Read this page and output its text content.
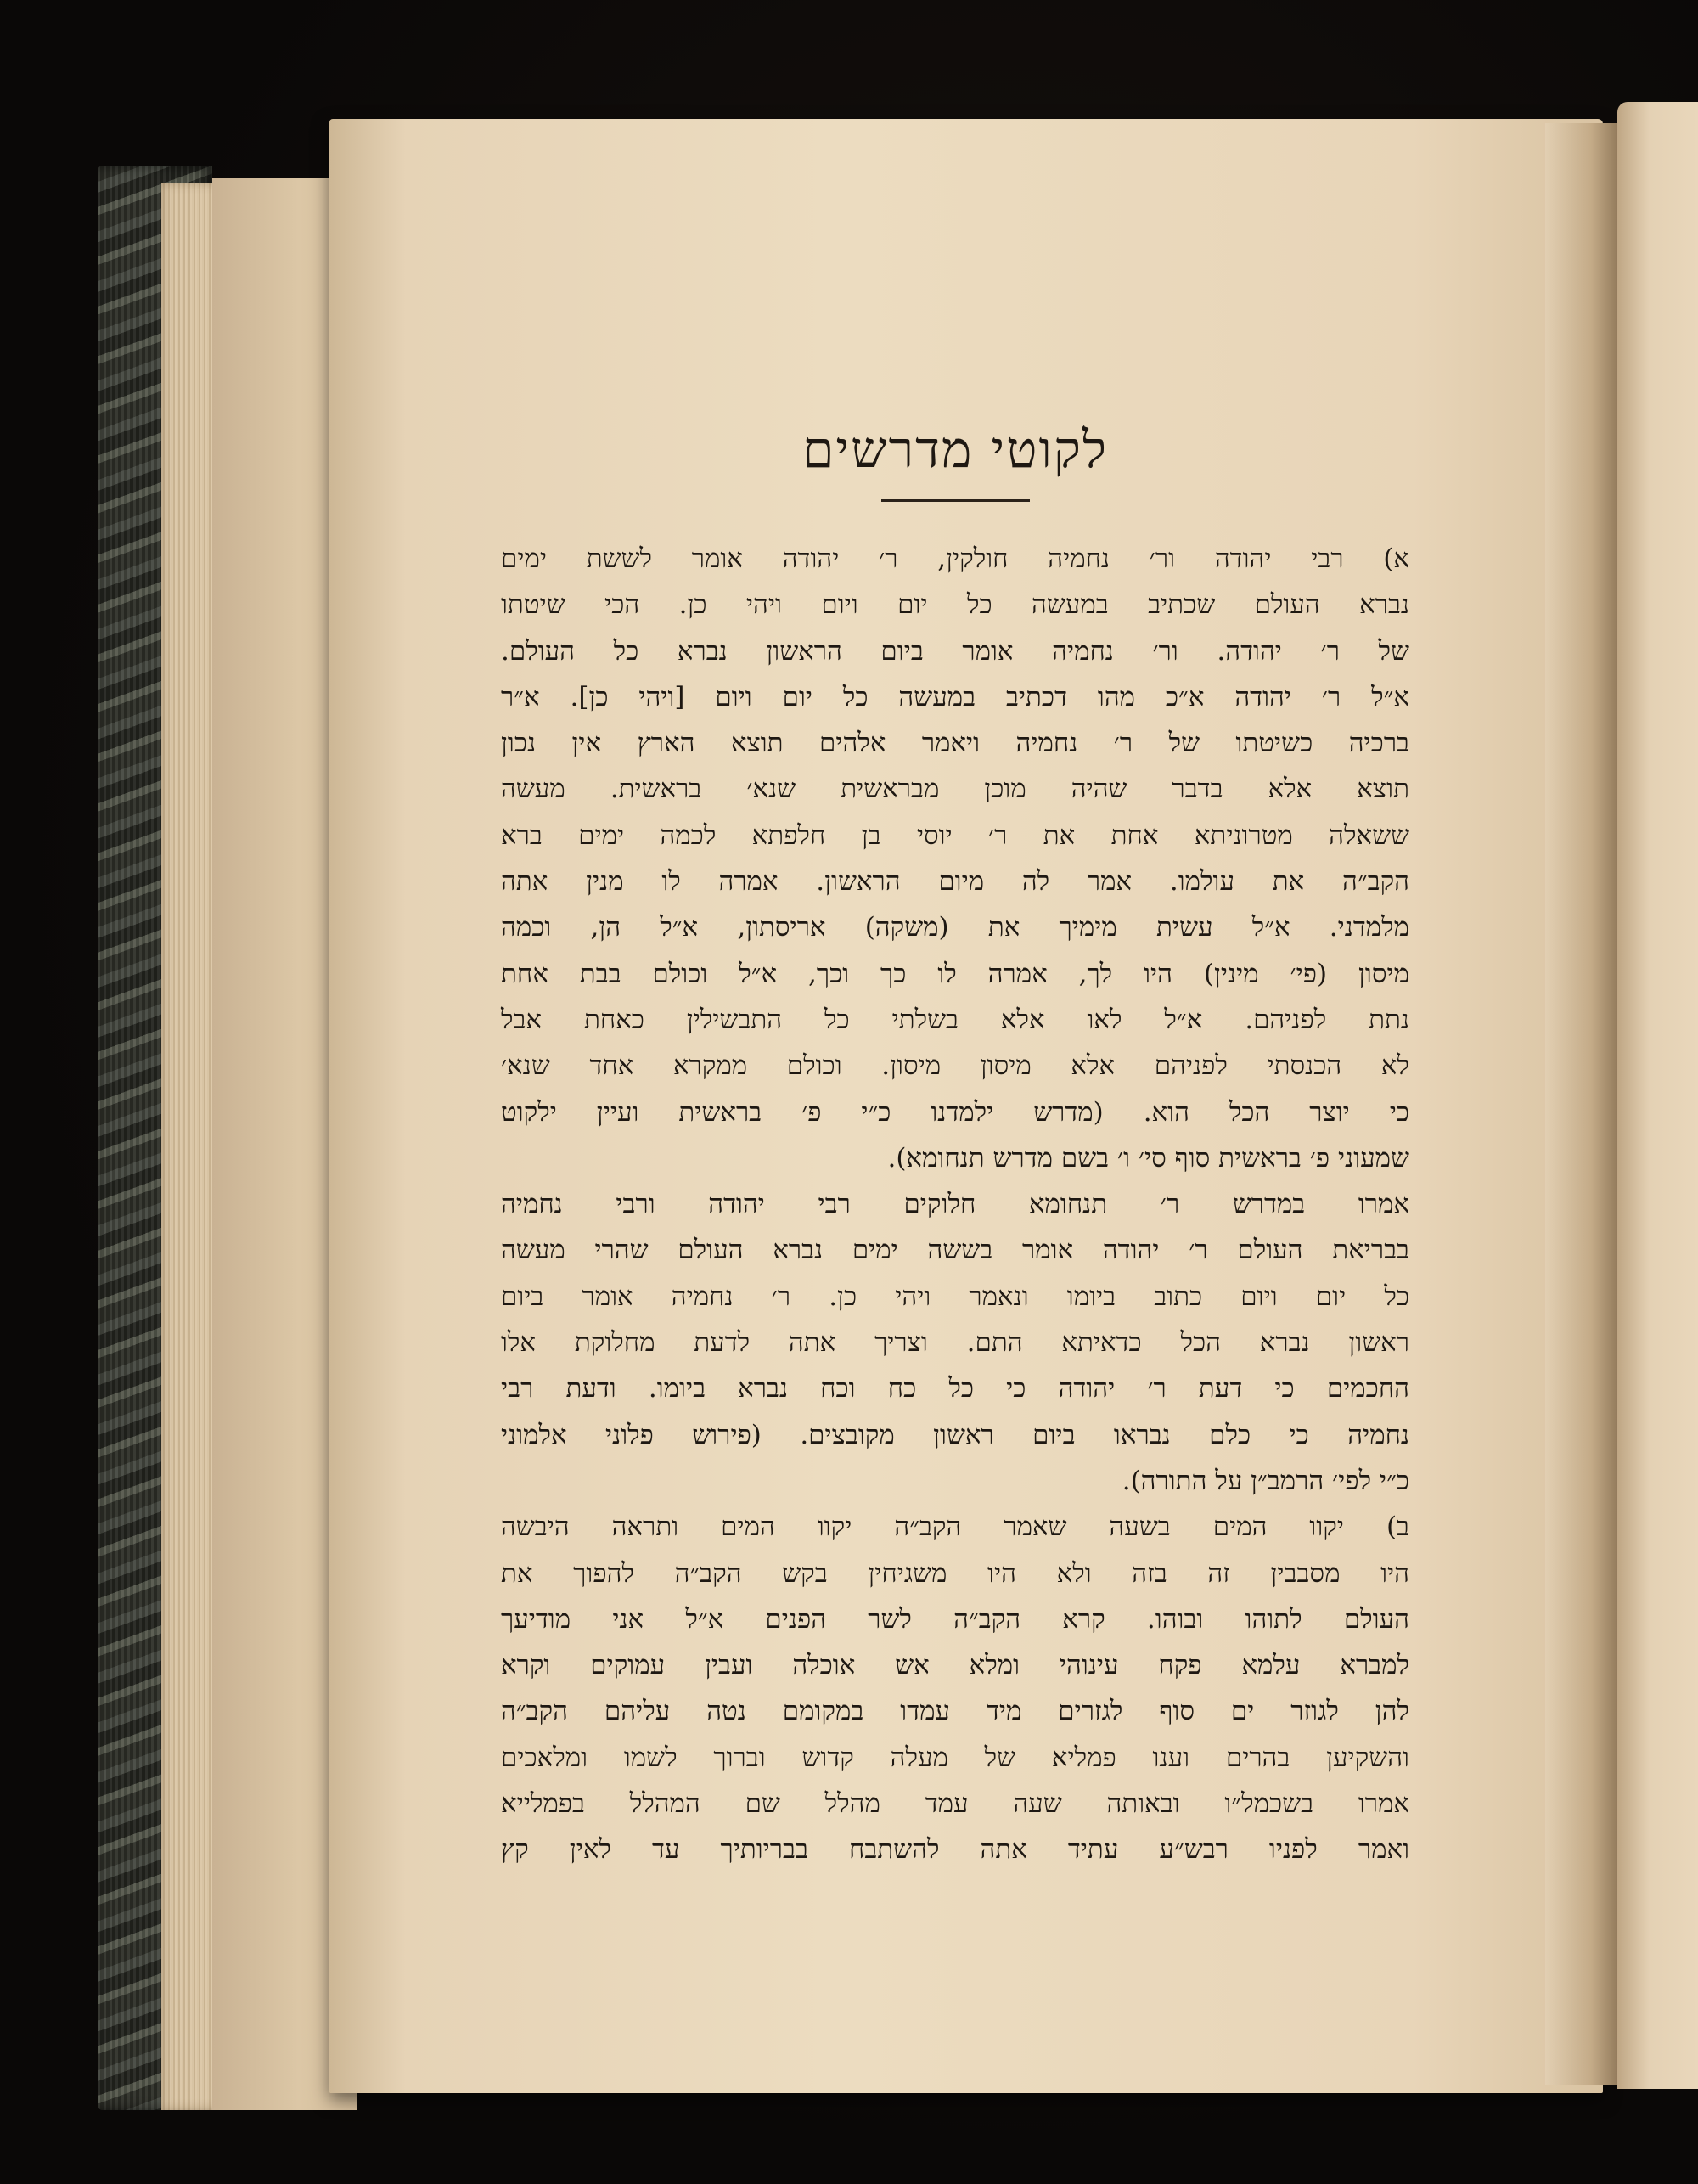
לקוטי מדרשים
א) רבי יהודה ור׳ נחמיה חולקין, ר׳ יהודה אומר לששת ימים
נברא העולם שכתיב במעשה כל יום ויום ויהי כן. הכי שיטתו
של ר׳ יהודה. ור׳ נחמיה אומר ביום הראשון נברא כל העולם.
א״ל ר׳ יהודה א״כ מהו דכתיב במעשה כל יום ויום [ויהי כן]. א״ר
ברכיה כשיטתו של ר׳ נחמיה ויאמר אלהים תוצא הארץ אין נכון
תוצא אלא בדבר שהיה מוכן מבראשית שנא׳ בראשית. מעשה
ששאלה מטרוניתא אחת את ר׳ יוסי בן חלפתא לכמה ימים ברא
הקב״ה את עולמו. אמר לה מיום הראשון. אמרה לו מנין אתה
מלמדני. א״ל עשית מימיך את (משקה) אריסתון, א״ל הן, וכמה
מיסון (פי׳ מינין) היו לך, אמרה לו כך וכך, א״ל וכולם בבת אחת
נתת לפניהם. א״ל לאו אלא בשלתי כל התבשילין כאחת אבל
לא הכנסתי לפניהם אלא מיסון מיסון. וכולם ממקרא אחד שנא׳
כי יוצר הכל הוא. (מדרש ילמדנו כ״י פ׳ בראשית ועיין ילקוט
שמעוני פ׳ בראשית סוף סי׳ ו׳ בשם מדרש תנחומא).
אמרו במדרש ר׳ תנחומא חלוקים רבי יהודה ורבי נחמיה
בבריאת העולם ר׳ יהודה אומר בששה ימים נברא העולם שהרי מעשה
כל יום ויום כתוב ביומו ונאמר ויהי כן. ר׳ נחמיה אומר ביום
ראשון נברא הכל כדאיתא התם. וצריך אתה לדעת מחלוקת אלו
החכמים כי דעת ר׳ יהודה כי כל כח וכח נברא ביומו. ודעת רבי
נחמיה כי כלם נבראו ביום ראשון מקובצים. (פירוש פלוני אלמוני
כ״י לפי׳ הרמב״ן על התורה).
ב) יקוו המים בשעה שאמר הקב״ה יקוו המים ותראה היבשה
היו מסבבין זה בזה ולא היו משגיחין בקש הקב״ה להפוך את
העולם לתוהו ובוהו. קרא הקב״ה לשר הפנים א״ל אני מודיעך
למברא עלמא פקח עינוהי ומלא אש אוכלה ועבין עמוקים וקרא
להן לגוזר ים סוף לגזרים מיד עמדו במקומם נטה עליהם הקב״ה
והשקיען בהרים וענו פמליא של מעלה קדוש וברוך לשמו ומלאכים
אמרו בשכמל״ו ובאותה שעה עמד מהלל שם המהלל בפמלייא
ואמר לפניו רבש״ע עתיד אתה להשתבח בבריותיך עד לאין קץ
